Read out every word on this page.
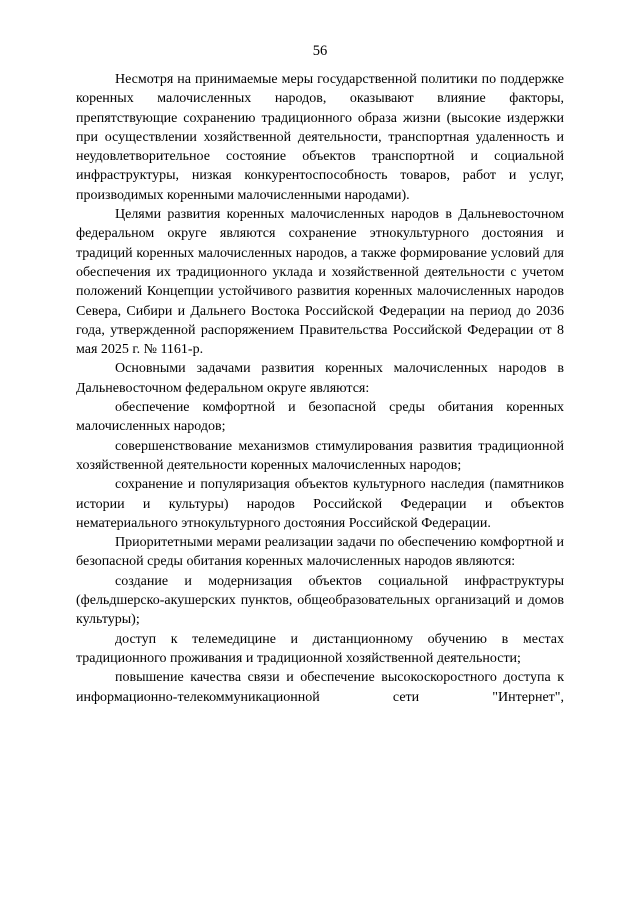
56

Несмотря на принимаемые меры государственной политики по поддержке коренных малочисленных народов, оказывают влияние факторы, препятствующие сохранению традиционного образа жизни (высокие издержки при осуществлении хозяйственной деятельности, транспортная удаленность и неудовлетворительное состояние объектов транспортной и социальной инфраструктуры, низкая конкурентоспособность товаров, работ и услуг, производимых коренными малочисленными народами).

Целями развития коренных малочисленных народов в Дальневосточном федеральном округе являются сохранение этнокультурного достояния и традиций коренных малочисленных народов, а также формирование условий для обеспечения их традиционного уклада и хозяйственной деятельности с учетом положений Концепции устойчивого развития коренных малочисленных народов Севера, Сибири и Дальнего Востока Российской Федерации на период до 2036 года, утвержденной распоряжением Правительства Российской Федерации от 8 мая 2025 г. № 1161-р.

Основными задачами развития коренных малочисленных народов в Дальневосточном федеральном округе являются:

обеспечение комфортной и безопасной среды обитания коренных малочисленных народов;

совершенствование механизмов стимулирования развития традиционной хозяйственной деятельности коренных малочисленных народов;

сохранение и популяризация объектов культурного наследия (памятников истории и культуры) народов Российской Федерации и объектов нематериального этнокультурного достояния Российской Федерации.

Приоритетными мерами реализации задачи по обеспечению комфортной и безопасной среды обитания коренных малочисленных народов являются:

создание и модернизация объектов социальной инфраструктуры (фельдшерско-акушерских пунктов, общеобразовательных организаций и домов культуры);

доступ к телемедицине и дистанционному обучению в местах традиционного проживания и традиционной хозяйственной деятельности;

повышение качества связи и обеспечение высокоскоростного доступа к информационно-телекоммуникационной сети "Интернет",
